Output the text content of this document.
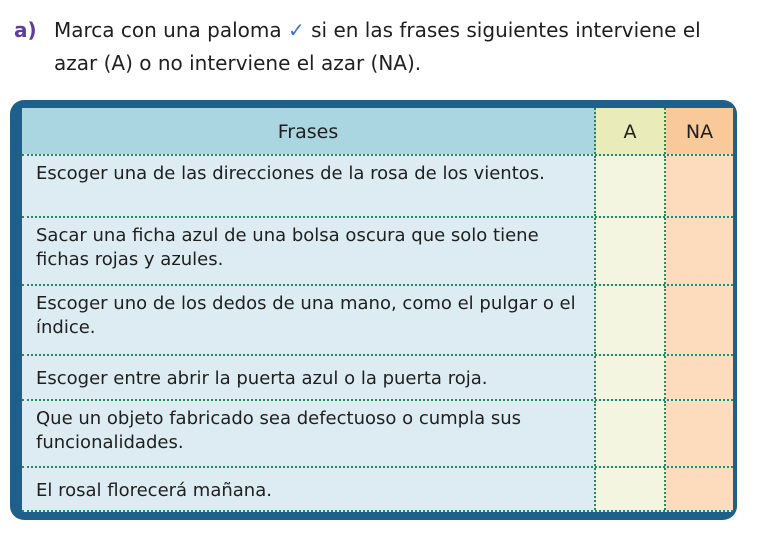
a) Marca con una paloma ✓ si en las frases siguientes interviene el azar (A) o no interviene el azar (NA).
Frases	A	NA
Escoger una de las direcciones de la rosa de los vientos.
Sacar una ficha azul de una bolsa oscura que solo tiene fichas rojas y azules.
Escoger uno de los dedos de una mano, como el pulgar o el índice.
Escoger entre abrir la puerta azul o la puerta roja.
Que un objeto fabricado sea defectuoso o cumpla sus funcionalidades.
El rosal florecerá mañana.
